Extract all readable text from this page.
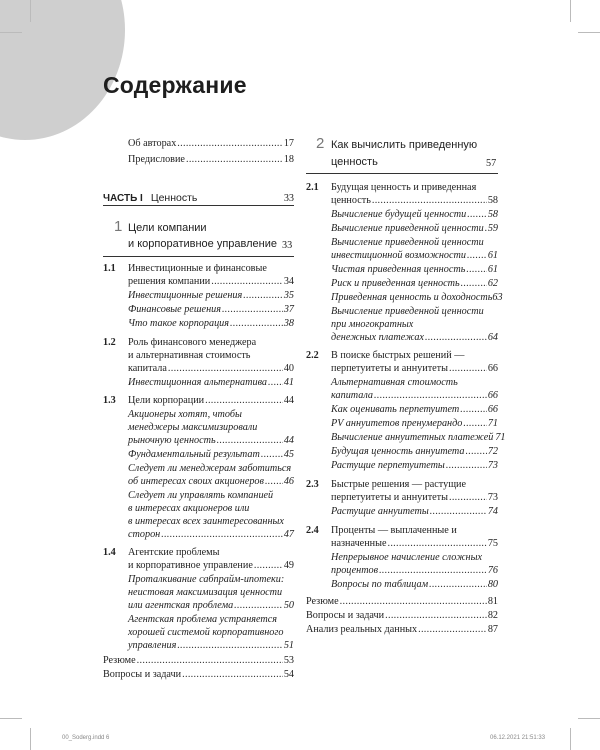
Содержание
Об авторах .....	17
Предисловие .....	18
ЧАСТЬ I Ценность	33
1 Цели компании
и корпоративное управление 33
1.1 Инвестиционные и финансовые
решения компании .....	34
Инвестиционные решения .....	35
Финансовые решения .....	37
Что такое корпорация .....	38
1.2 Роль финансового менеджера
и альтернативная стоимость
капитала .....	40
Инвестиционная альтернатива ..... 41
1.3 Цели корпорации .....	44
Акционеры хотят, чтобы
менеджеры максимизировали
рыночную ценность .....	44
Фундаментальный результат ..... 45
Следует ли менеджерам заботиться
об интересах своих акционеров ..... 46
Следует ли управлять компанией
в интересах акционеров или
в интересах всех заинтересованных
сторон .....	47
1.4 Агентские проблемы
и корпоративное управление .....	49
Проталкивание сабпрайм-ипотеки:
неистовая максимизация ценности
или агентская проблема .....	50
Агентская проблема устраняется
хорошей системой корпоративного
управления .....	51
Резюме .....	53
Вопросы и задачи .....	54
2 Как вычислить приведенную
ценность	57
2.1 Будущая ценность и приведенная
ценность .....	58
Вычисление будущей ценности ..... 58
Вычисление приведенной ценности ..... 59
Вычисление приведенной ценности
инвестиционной возможности ..... 61
Чистая приведенная ценность ..... 61
Риск и приведенная ценность .....	62
Приведенная ценность и доходность 63
Вычисление приведенной ценности
при многократных
денежных платежах .....	64
2.2 В поиске быстрых решений —
перпетуитеты и аннуитеты .....	66
Альтернативная стоимость
капитала .....	66
Как оценивать перпетуитет .....	66
PV аннуитетов пренумерандо ..... 71
Вычисление аннуитетных платежей 71
Будущая ценность аннуитета ..... 72
Растущие перпетуитеты .....	73
2.3 Быстрые решения — растущие
перпетуитеты и аннуитеты .....	73
Растущие аннуитеты .....	74
2.4 Проценты — выплаченные и
назначенные .....	75
Непрерывное начисление сложных
процентов .....	76
Вопросы по таблицам .....	80
Резюме .....	81
Вопросы и задачи .....	82
Анализ реальных данных .....	87
00_Soderg.indd 6	06.12.2021 21:51:33
